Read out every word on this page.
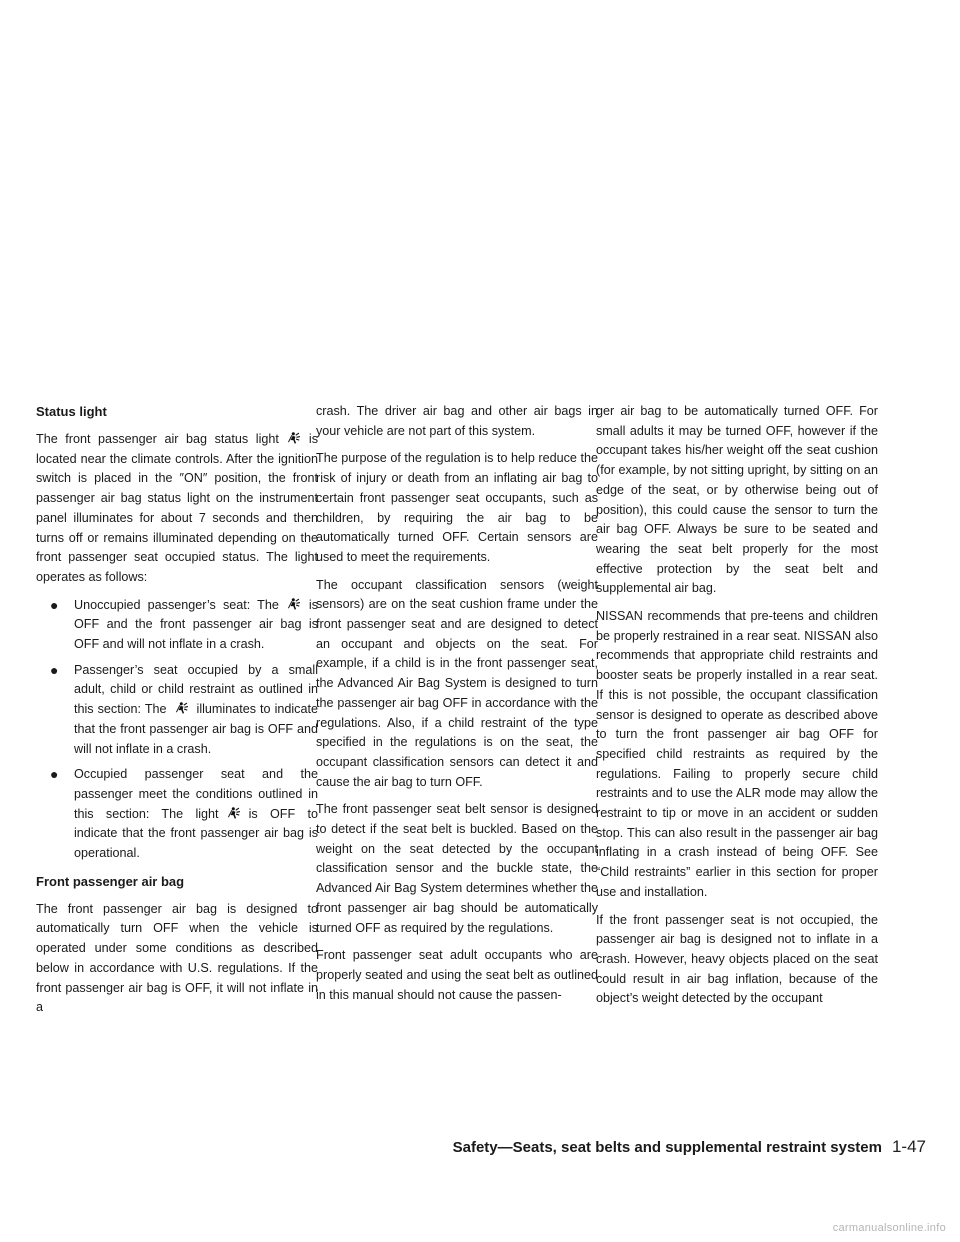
Status light

The front passenger air bag status light is located near the climate controls. After the ignition switch is placed in the ″ON″ position, the front passenger air bag status light on the instrument panel illuminates for about 7 seconds and then turns off or remains illuminated depending on the front passenger seat occupied status. The light operates as follows:

● Unoccupied passenger’s seat: The is OFF and the front passenger air bag is OFF and will not inflate in a crash.
● Passenger’s seat occupied by a small adult, child or child restraint as outlined in this section: The illuminates to indicate that the front passenger air bag is OFF and will not inflate in a crash.
● Occupied passenger seat and the passenger meet the conditions outlined in this section: The light is OFF to indicate that the front passenger air bag is operational.
Front passenger air bag

The front passenger air bag is designed to automatically turn OFF when the vehicle is operated under some conditions as described below in accordance with U.S. regulations. If the front passenger air bag is OFF, it will not inflate in a

crash. The driver air bag and other air bags in your vehicle are not part of this system.

The purpose of the regulation is to help reduce the risk of injury or death from an inflating air bag to certain front passenger seat occupants, such as children, by requiring the air bag to be automatically turned OFF. Certain sensors are used to meet the requirements.

The occupant classification sensors (weight sensors) are on the seat cushion frame under the front passenger seat and are designed to detect an occupant and objects on the seat. For example, if a child is in the front passenger seat, the Advanced Air Bag System is designed to turn the passenger air bag OFF in accordance with the regulations. Also, if a child restraint of the type specified in the regulations is on the seat, the occupant classification sensors can detect it and cause the air bag to turn OFF.

The front passenger seat belt sensor is designed to detect if the seat belt is buckled. Based on the weight on the seat detected by the occupant classification sensor and the buckle state, the Advanced Air Bag System determines whether the front passenger air bag should be automatically turned OFF as required by the regulations.

Front passenger seat adult occupants who are properly seated and using the seat belt as outlined in this manual should not cause the passen-

ger air bag to be automatically turned OFF. For small adults it may be turned OFF, however if the occupant takes his/her weight off the seat cushion (for example, by not sitting upright, by sitting on an edge of the seat, or by otherwise being out of position), this could cause the sensor to turn the air bag OFF. Always be sure to be seated and wearing the seat belt properly for the most effective protection by the seat belt and supplemental air bag.

NISSAN recommends that pre-teens and children be properly restrained in a rear seat. NISSAN also recommends that appropriate child restraints and booster seats be properly installed in a rear seat. If this is not possible, the occupant classification sensor is designed to operate as described above to turn the front passenger air bag OFF for specified child restraints as required by the regulations. Failing to properly secure child restraints and to use the ALR mode may allow the restraint to tip or move in an accident or sudden stop. This can also result in the passenger air bag inflating in a crash instead of being OFF. See “Child restraints” earlier in this section for proper use and installation.

If the front passenger seat is not occupied, the passenger air bag is designed not to inflate in a crash. However, heavy objects placed on the seat could result in air bag inflation, because of the object’s weight detected by the occupant

Safety—Seats, seat belts and supplemental restraint system 1-47
carmanualsonline.info
